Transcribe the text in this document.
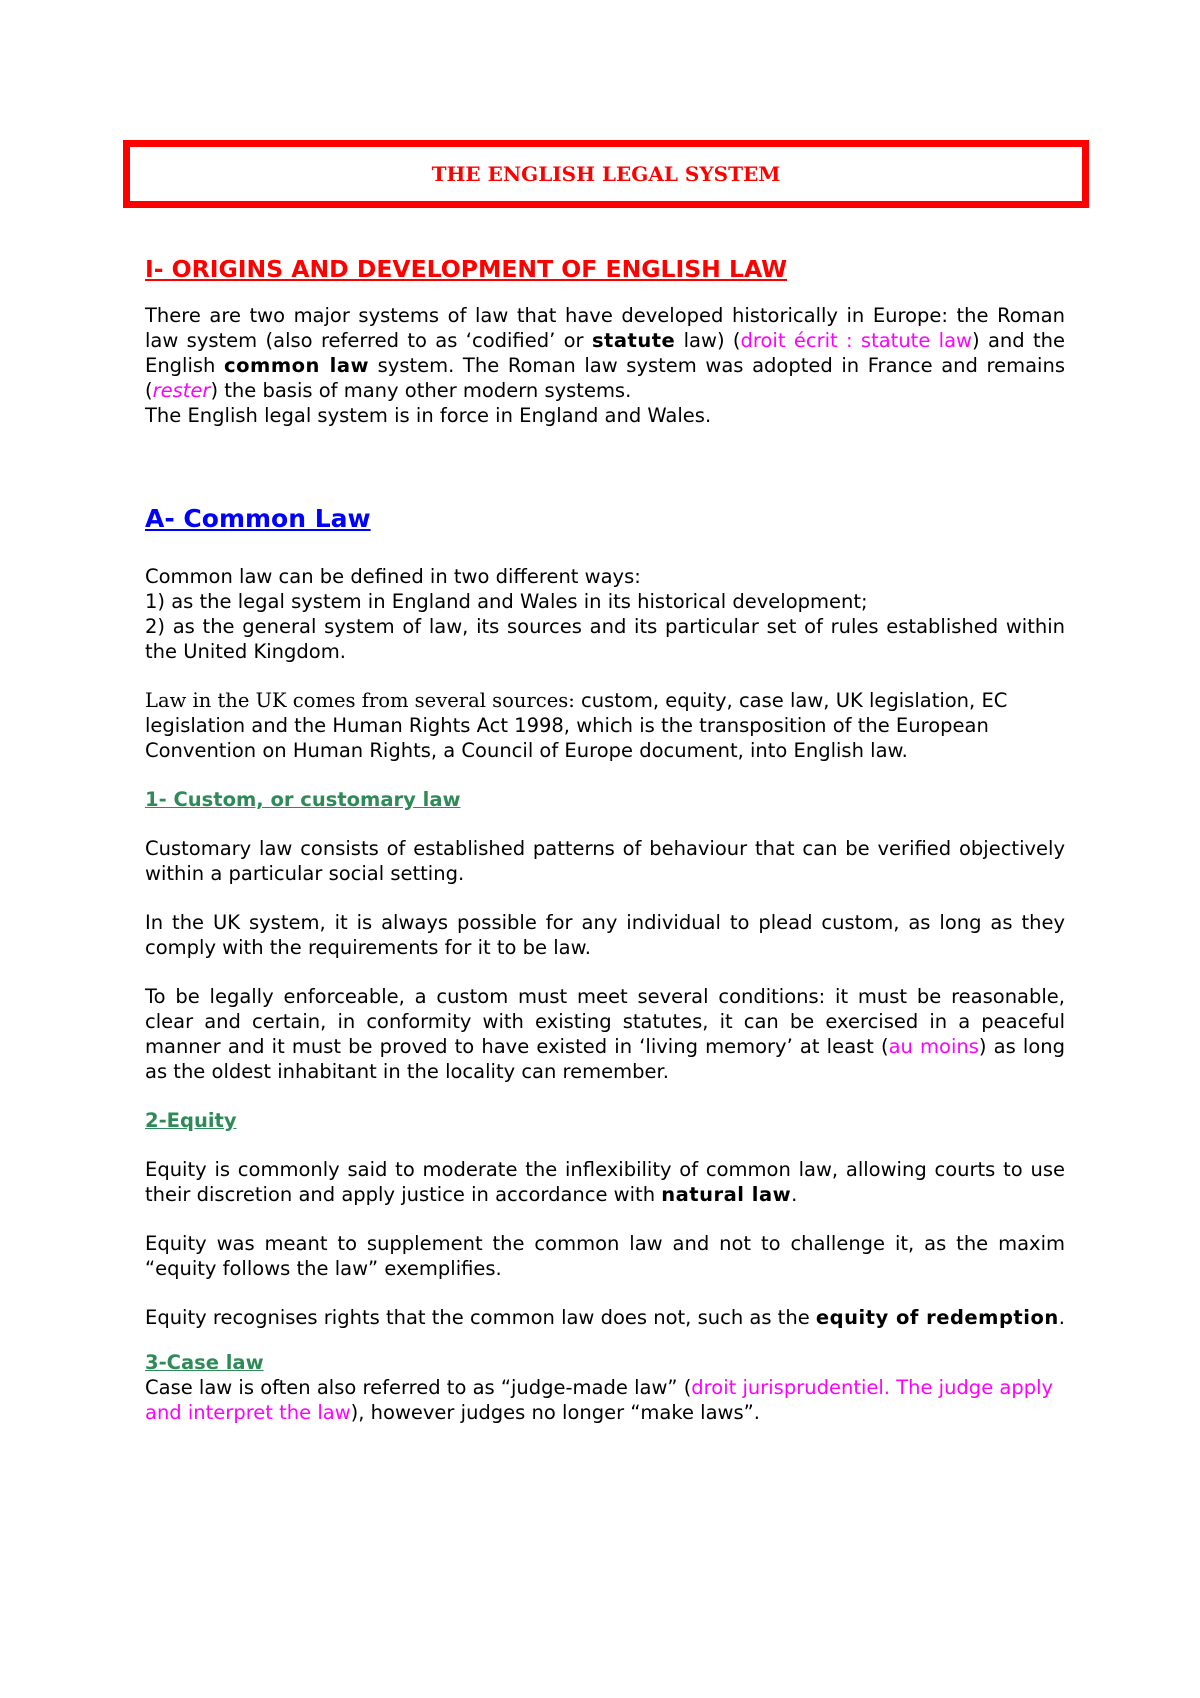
THE ENGLISH LEGAL SYSTEM
I- ORIGINS AND DEVELOPMENT OF ENGLISH LAW

There are two major systems of law that have developed historically in Europe: the Roman law system (also referred to as ‘codified’ or statute law) (droit écrit : statute law) and the English common law system. The Roman law system was adopted in France and remains (rester) the basis of many other modern systems.

The English legal system is in force in England and Wales.

A- Common Law

Common law can be defined in two different ways:

1) as the legal system in England and Wales in its historical development;

2) as the general system of law, its sources and its particular set of rules established within the United Kingdom.

Law in the UK comes from several sources: custom, equity, case law, UK legislation, EC legislation and the Human Rights Act 1998, which is the transposition of the European Convention on Human Rights, a Council of Europe document, into English law.

1- Custom, or customary law

Customary law consists of established patterns of behaviour that can be verified objectively within a particular social setting.

In the UK system, it is always possible for any individual to plead custom, as long as they comply with the requirements for it to be law.

To be legally enforceable, a custom must meet several conditions: it must be reasonable, clear and certain, in conformity with existing statutes, it can be exercised in a peaceful manner and it must be proved to have existed in ‘living memory’ at least (au moins) as long as the oldest inhabitant in the locality can remember.

2-Equity

Equity is commonly said to moderate the inflexibility of common law, allowing courts to use their discretion and apply justice in accordance with natural law.

Equity was meant to supplement the common law and not to challenge it, as the maxim “equity follows the law” exemplifies.

Equity recognises rights that the common law does not, such as the equity of redemption.

3-Case law

Case law is often also referred to as “judge-made law” (droit jurisprudentiel. The judge apply and interpret the law), however judges no longer “make laws”.
